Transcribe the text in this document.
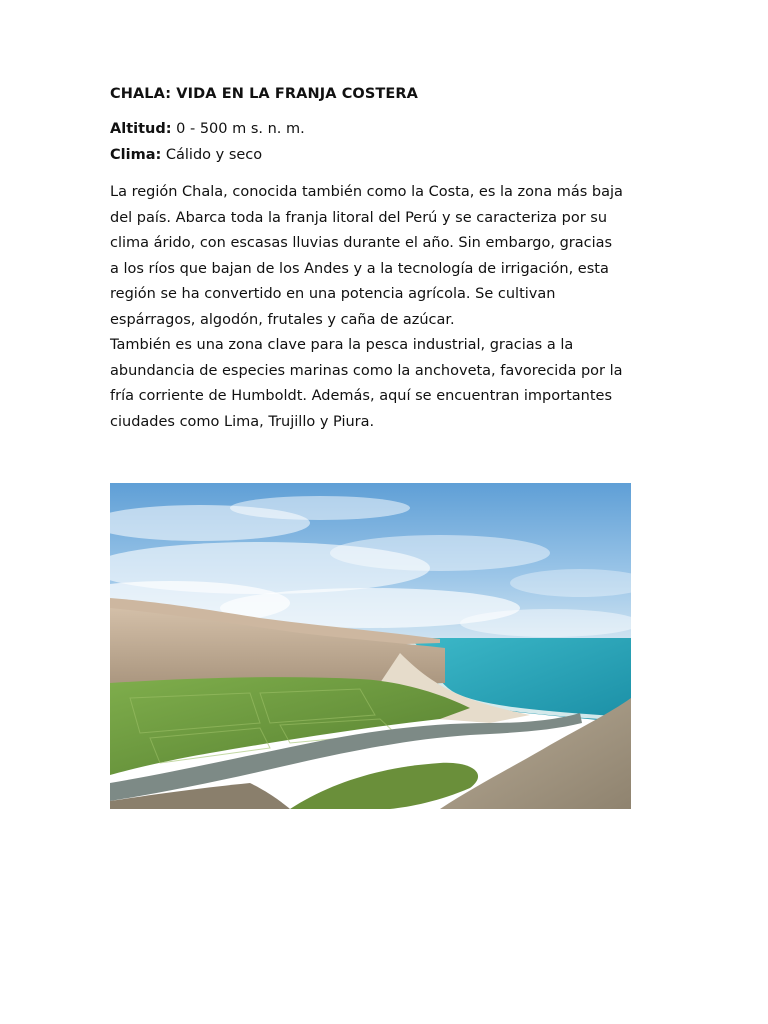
CHALA: VIDA EN LA FRANJA COSTERA
Altitud: 0 - 500 m s. n. m.
Clima: Cálido y seco
La región Chala, conocida también como la Costa, es la zona más baja
del país. Abarca toda la franja litoral del Perú y se caracteriza por su
clima árido, con escasas lluvias durante el año. Sin embargo, gracias
a los ríos que bajan de los Andes y a la tecnología de irrigación, esta
región se ha convertido en una potencia agrícola. Se cultivan
espárragos, algodón, frutales y caña de azúcar.
También es una zona clave para la pesca industrial, gracias a la
abundancia de especies marinas como la anchoveta, favorecida por la
fría corriente de Humboldt. Además, aquí se encuentran importantes
ciudades como Lima, Trujillo y Piura.
